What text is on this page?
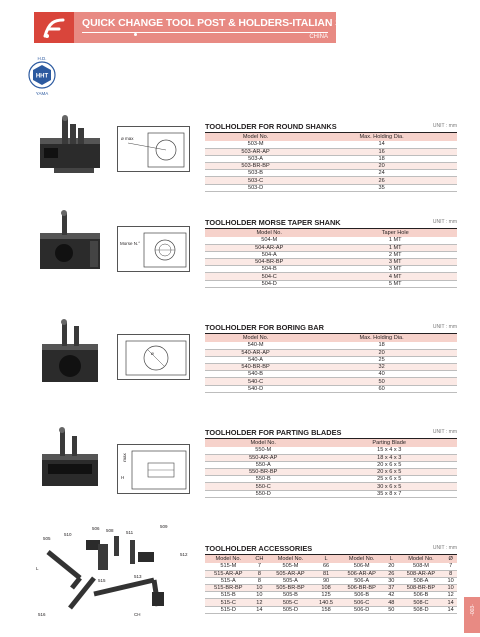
QUICK CHANGE TOOL POST & HOLDERS-ITALIAN STYLE
CHINA
HHT
H.D.
YAMA
ø max
TOOLHOLDER FOR ROUND SHANKS	UNIT : mm
Model No.	Max. Holding Dia.
503-M	14
503-AR-AP	16
503-A	18
503-BR-BP	20
503-B	24
503-C	26
503-D	35
Morse N.°
TOOLHOLDER MORSE TAPER SHANK	UNIT : mm
Model No.	Taper Hole
504-M	1 MT
504-AR-AP	1 MT
504-A	2 MT
504-BR-BP	3 MT
504-B	3 MT
504-C	4 MT
504-D	5 MT
ø
TOOLHOLDER FOR BORING BAR	UNIT : mm
Model No.	Max. Holding Dia.
540-M	18
540-AR-AP	20
540-A	25
540-BR-BP	32
540-B	40
540-C	50
540-D	60
max
H
TOOLHOLDER FOR PARTING BLADES	UNIT : mm
Model No.	Parting Blade
550-M	15 x 4 x 3
550-AR-AP	18 x 4 x 3
550-A	20 x 6 x 5
550-BR-BP	20 x 6 x 5
550-B	25 x 6 x 5
550-C	30 x 6 x 5
550-D	35 x 8 x 7
505
506 508	511
509
510
512
513
515
516
L
CH
TOOLHOLDER ACCESSORIES	UNIT : mm
Model No.	CH	Model No.	L	Model No.	L	Model No.	Ø
515-M	7	505-M	66	506-M	20	508-M	7
515-AR-AP	8	505-AR-AP	81	506-AR-AP	26	508-AR-AP	8
515-A	8	505-A	90	506-A	30	508-A	10
515-BR-BP	10	505-BR-BP	108	506-BR-BP	37	508-BR-BP	10
515-B	10	505-B	125	506-B	42	506-B	12
515-C	12	505-C	140.5	506-C	48	508-C	14
515-D	14	505-D	158	506-D	50	508-D	14	-003-
